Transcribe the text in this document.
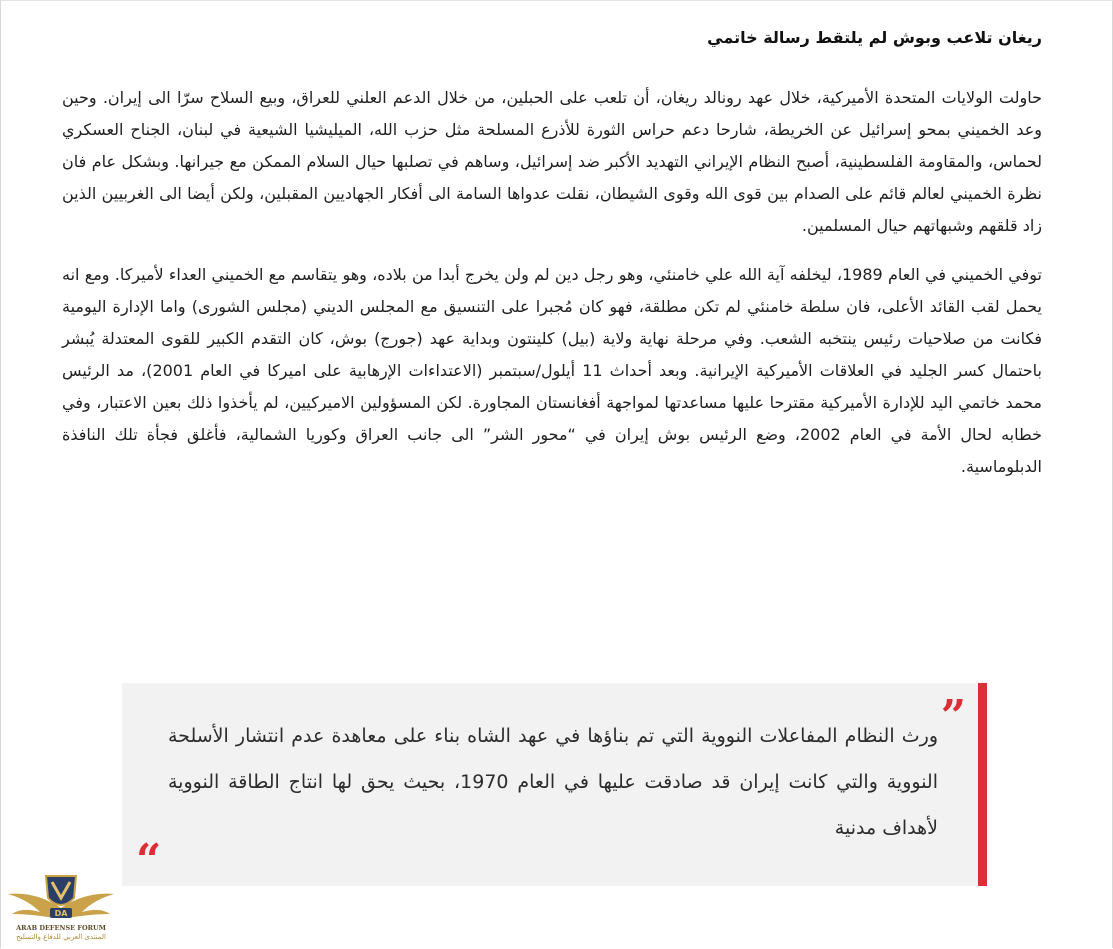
ريغان تلاعب وبوش لم يلتقط رسالة خاتمي

حاولت الولايات المتحدة الأميركية، خلال عهد رونالد ريغان، أن تلعب على الحبلين، من خلال الدعم العلني للعراق، وبيع السلاح سرّا الى إيران. وحين وعد الخميني بمحو إسرائيل عن الخريطة، شارحا دعم حراس الثورة للأذرع المسلحة مثل حزب الله، الميليشيا الشيعية في لبنان، الجناح العسكري لحماس، والمقاومة الفلسطينية، أصبح النظام الإيراني التهديد الأكبر ضد إسرائيل، وساهم في تصلبها حيال السلام الممكن مع جيرانها. وبشكل عام فان نظرة الخميني لعالم قائم على الصدام بين قوى الله وقوى الشيطان، نقلت عدواها السامة الى أفكار الجهاديين المقبلين، ولكن أيضا الى الغربيين الذين زاد قلقهم وشبهاتهم حيال المسلمين.

توفي الخميني في العام 1989، ليخلفه آية الله علي خامنئي، وهو رجل دين لم ولن يخرج أبدا من بلاده، وهو يتقاسم مع الخميني العداء لأميركا. ومع انه يحمل لقب القائد الأعلى، فان سلطة خامنئي لم تكن مطلقة، فهو كان مُجبرا على التنسيق مع المجلس الديني (مجلس الشورى) واما الإدارة اليومية فكانت من صلاحيات رئيس ينتخبه الشعب. وفي مرحلة نهاية ولاية (بيل) كلينتون وبداية عهد (جورج) بوش، كان التقدم الكبير للقوى المعتدلة يُبشر باحتمال كسر الجليد في العلاقات الأميركية الإيرانية. وبعد أحداث 11 أيلول/سبتمبر (الاعتداءات الإرهابية على اميركا في العام 2001)، مد الرئيس محمد خاتمي اليد للإدارة الأميركية مقترحا عليها مساعدتها لمواجهة أفغانستان المجاورة. لكن المسؤولين الاميركيين، لم يأخذوا ذلك بعين الاعتبار، وفي خطابه لحال الأمة في العام 2002، وضع الرئيس بوش إيران في “محور الشر” الى جانب العراق وكوريا الشمالية، فأغلق فجأة تلك النافذة الدبلوماسية.

”
ورث النظام المفاعلات النووية التي تم بناؤها في عهد الشاه بناء على معاهدة عدم انتشار الأسلحة النووية والتي كانت إيران قد صادقت عليها في العام 1970، بحيث يحق لها انتاج الطاقة النووية لأهداف مدنية
“
DA
ARAB DEFENSE FORUM
المنتدى العربي للدفاع والتسليح
